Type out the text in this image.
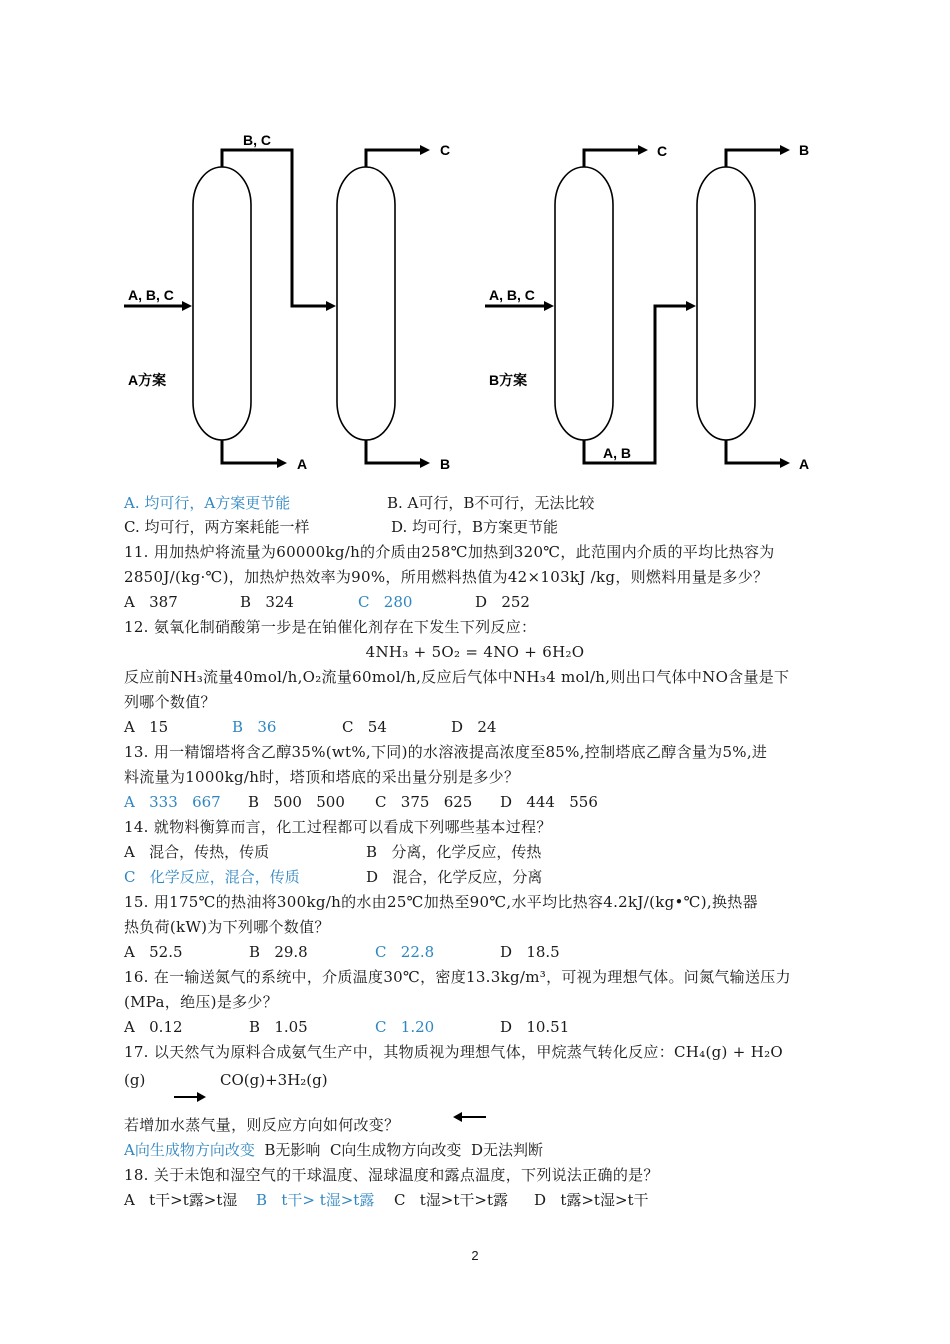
A, B, C
B, C
C
A	B
A方案
A, B, C
C	B
A, B
A
B方案
A. 均可行，A方案更节能	B. A可行，B不可行，无法比较
C. 均可行，两方案耗能一样	D. 均可行，B方案更节能
11. 用加热炉将流量为60000kg/h的介质由258℃加热到320℃，此范围内介质的平均比热容为
2850J/(kg·℃)，加热炉热效率为90%，所用燃料热值为42×103kJ /kg，则燃料用量是多少？
A   387	B   324	C   280	D   252
12. 氨氧化制硝酸第一步是在铂催化剂存在下发生下列反应：
4NH₃ + 5O₂ = 4NO + 6H₂O
反应前NH₃流量40mol/h,O₂流量60mol/h,反应后气体中NH₃4 mol/h,则出口气体中NO含量是下
列哪个数值？
A   15	B   36	C   54	D   24
13. 用一精馏塔将含乙醇35%(wt%,下同)的水溶液提高浓度至85%,控制塔底乙醇含量为5%,进
料流量为1000kg/h时，塔顶和塔底的采出量分别是多少？
A   333   667 B   500   500 C   375   625 D   444   556
14. 就物料衡算而言，化工过程都可以看成下列哪些基本过程？
A   混合，传热，传质	B   分离，化学反应，传热
C   化学反应，混合，传质	D   混合，化学反应，分离
15. 用175℃的热油将300kg/h的水由25℃加热至90℃,水平均比热容4.2kJ/(kg•℃),换热器
热负荷(kW)为下列哪个数值？
A   52.5	B   29.8	C   22.8	D   18.5
16. 在一输送氮气的系统中，介质温度30℃，密度13.3kg/m³，可视为理想气体。问氮气输送压力
(MPa，绝压)是多少？
A   0.12	B   1.05	C   1.20	D   10.51
17. 以天然气为原料合成氨气生产中，其物质视为理想气体，甲烷蒸气转化反应：CH₄(g) + H₂O
(g)	CO(g)+3H₂(g)
若增加水蒸气量，则反应方向如何改变？
A向生成物方向改变  B无影响  C向生成物方向改变  D无法判断
18. 关于未饱和湿空气的干球温度、湿球温度和露点温度，下列说法正确的是？
A   t干>t露>t湿 B   t干> t湿>t露 C   t湿>t干>t露 D   t露>t湿>t干
2
